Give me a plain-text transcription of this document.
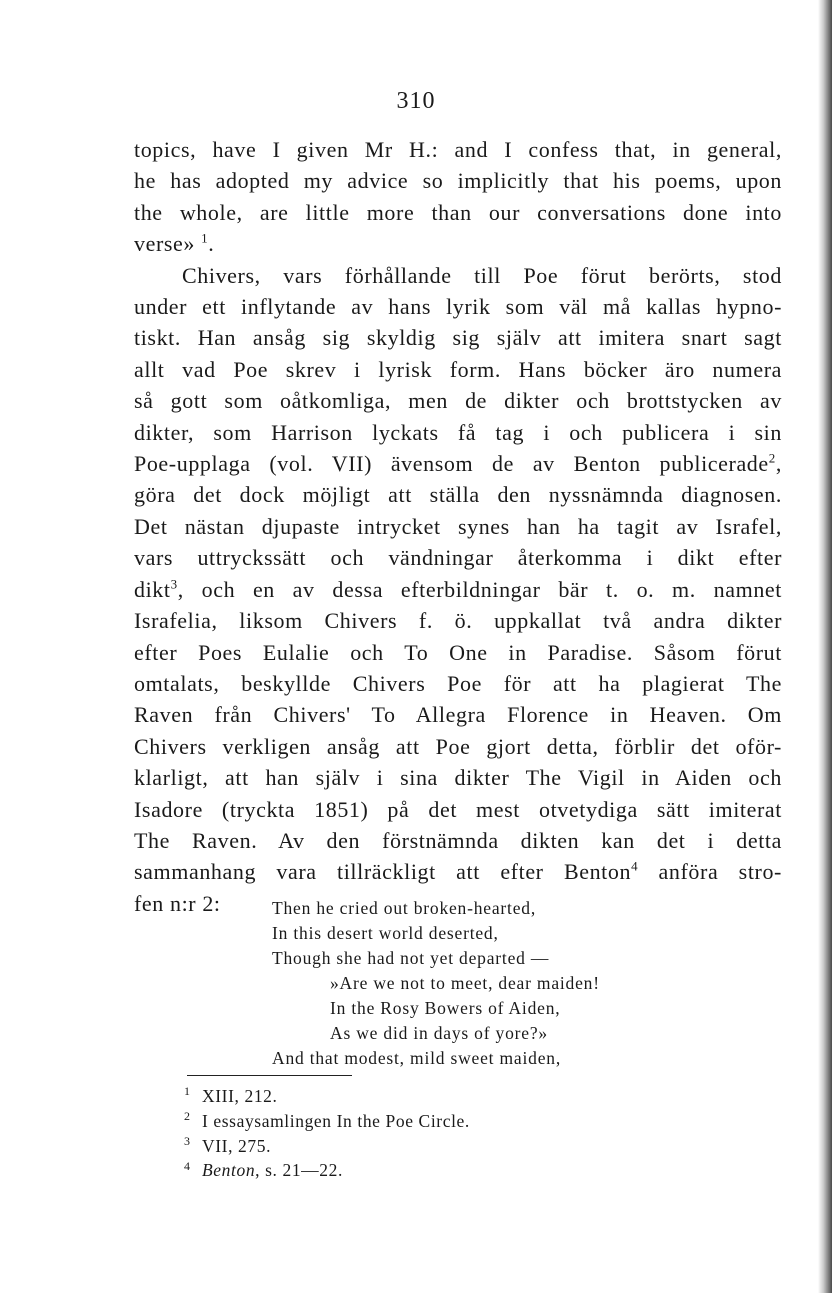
310
topics, have I given Mr H.: and I confess that, in general,
he has adopted my advice so implicitly that his poems, upon
the whole, are little more than our conversations done into
verse» $^1$.
Chivers, vars förhållande till Poe förut berörts, stod
under ett inflytande av hans lyrik som väl må kallas hypno-
tiskt. Han ansåg sig skyldig sig själv att imitera snart sagt
allt vad Poe skrev i lyrisk form. Hans böcker äro numera
så gott som oåtkomliga, men de dikter och brottstycken av
dikter, som Harrison lyckats få tag i och publicera i sin
Poe-upplaga (vol. VII) ävensom de av Benton publicerade$^2$,
göra det dock möjligt att ställa den nyssnämnda diagnosen.
Det nästan djupaste intrycket synes han ha tagit av Israfel,
vars uttryckssätt och vändningar återkomma i dikt efter
dikt$^3$, och en av dessa efterbildningar bär t. o. m. namnet
Israfelia, liksom Chivers f. ö. uppkallat två andra dikter
efter Poes Eulalie och To One in Paradise. Såsom förut
omtalats, beskyllde Chivers Poe för att ha plagierat The
Raven från Chivers' To Allegra Florence in Heaven. Om
Chivers verkligen ansåg att Poe gjort detta, förblir det oför-
klarligt, att han själv i sina dikter The Vigil in Aiden och
Isadore (tryckta 1851) på det mest otvetydiga sätt imiterat
The Raven. Av den förstnämnda dikten kan det i detta
sammanhang vara tillräckligt att efter Benton$^4$ anföra stro-
fen n:r 2:	Then he cried out broken-hearted,
In this desert world deserted,
Though she had not yet departed —
»Are we not to meet, dear maiden!
In the Rosy Bowers of Aiden,
As we did in days of yore?»
And that modest, mild sweet maiden,
1 XIII, 212.
2 I essaysamlingen In the Poe Circle.
3 VII, 275.
4 Benton, s. 21—22.
